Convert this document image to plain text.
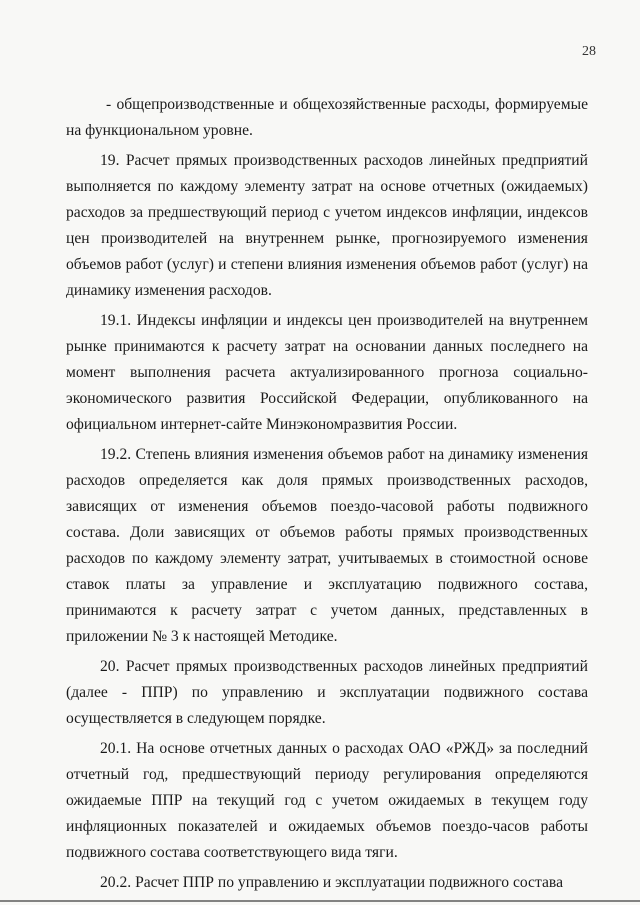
28

- общепроизводственные и общехозяйственные расходы, формируемые на функциональном уровне.

19. Расчет прямых производственных расходов линейных предприятий выполняется по каждому элементу затрат на основе отчетных (ожидаемых) расходов за предшествующий период с учетом индексов инфляции, индексов цен производителей на внутреннем рынке, прогнозируемого изменения объемов работ (услуг) и степени влияния изменения объемов работ (услуг) на динамику изменения расходов.

19.1. Индексы инфляции и индексы цен производителей на внутреннем рынке принимаются к расчету затрат на основании данных последнего на момент выполнения расчета актуализированного прогноза социально-экономического развития Российской Федерации, опубликованного на официальном интернет-сайте Минэкономразвития России.

19.2. Степень влияния изменения объемов работ на динамику изменения расходов определяется как доля прямых производственных расходов, зависящих от изменения объемов поездо-часовой работы подвижного состава. Доли зависящих от объемов работы прямых производственных расходов по каждому элементу затрат, учитываемых в стоимостной основе ставок платы за управление и эксплуатацию подвижного состава, принимаются к расчету затрат с учетом данных, представленных в приложении № 3 к настоящей Методике.

20. Расчет прямых производственных расходов линейных предприятий (далее - ППР) по управлению и эксплуатации подвижного состава осуществляется в следующем порядке.

20.1. На основе отчетных данных о расходах ОАО «РЖД» за последний отчетный год, предшествующий периоду регулирования определяются ожидаемые ППР на текущий год с учетом ожидаемых в текущем году инфляционных показателей и ожидаемых объемов поездо-часов работы подвижного состава соответствующего вида тяги.

20.2. Расчет ППР по управлению и эксплуатации подвижного состава
